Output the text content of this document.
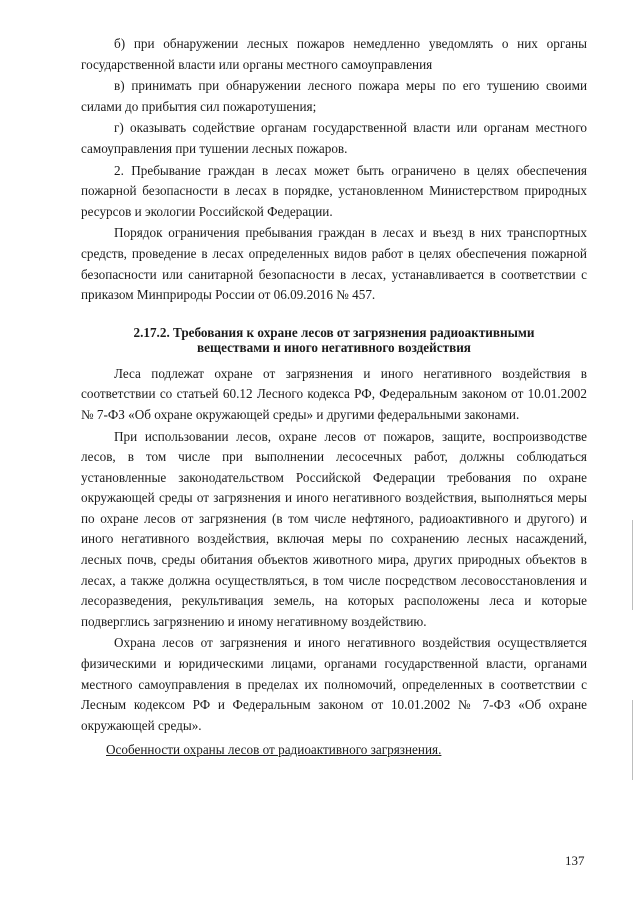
б) при обнаружении лесных пожаров немедленно уведомлять о них органы государственной власти или органы местного самоуправления

в) принимать при обнаружении лесного пожара меры по его тушению своими силами до прибытия сил пожаротушения;

г) оказывать содействие органам государственной власти или органам местного самоуправления при тушении лесных пожаров.

2. Пребывание граждан в лесах может быть ограничено в целях обеспечения пожарной безопасности в лесах в порядке, установленном Министерством природных ресурсов и экологии Российской Федерации.

Порядок ограничения пребывания граждан в лесах и въезд в них транспортных средств, проведение в лесах определенных видов работ в целях обеспечения пожарной безопасности или санитарной безопасности в лесах, устанавливается в соответствии с приказом Минприроды России от 06.09.2016 № 457.

2.17.2. Требования к охране лесов от загрязнения радиоактивными веществами и иного негативного воздействия

Леса подлежат охране от загрязнения и иного негативного воздействия в соответствии со статьей 60.12 Лесного кодекса РФ, Федеральным законом от 10.01.2002 № 7-ФЗ «Об охране окружающей среды» и другими федеральными законами.

При использовании лесов, охране лесов от пожаров, защите, воспроизводстве лесов, в том числе при выполнении лесосечных работ, должны соблюдаться установленные законодательством Российской Федерации требования по охране окружающей среды от загрязнения и иного негативного воздействия, выполняться меры по охране лесов от загрязнения (в том числе нефтяного, радиоактивного и другого) и иного негативного воздействия, включая меры по сохранению лесных насаждений, лесных почв, среды обитания объектов животного мира, других природных объектов в лесах, а также должна осуществляться, в том числе посредством лесовосстановления и лесоразведения, рекультивация земель, на которых расположены леса и которые подверглись загрязнению и иному негативному воздействию.

Охрана лесов от загрязнения и иного негативного воздействия осуществляется физическими и юридическими лицами, органами государственной власти, органами местного самоуправления в пределах их полномочий, определенных в соответствии с Лесным кодексом РФ и Федеральным законом от 10.01.2002 № 7-ФЗ «Об охране окружающей среды».

Особенности охраны лесов от радиоактивного загрязнения.

137
